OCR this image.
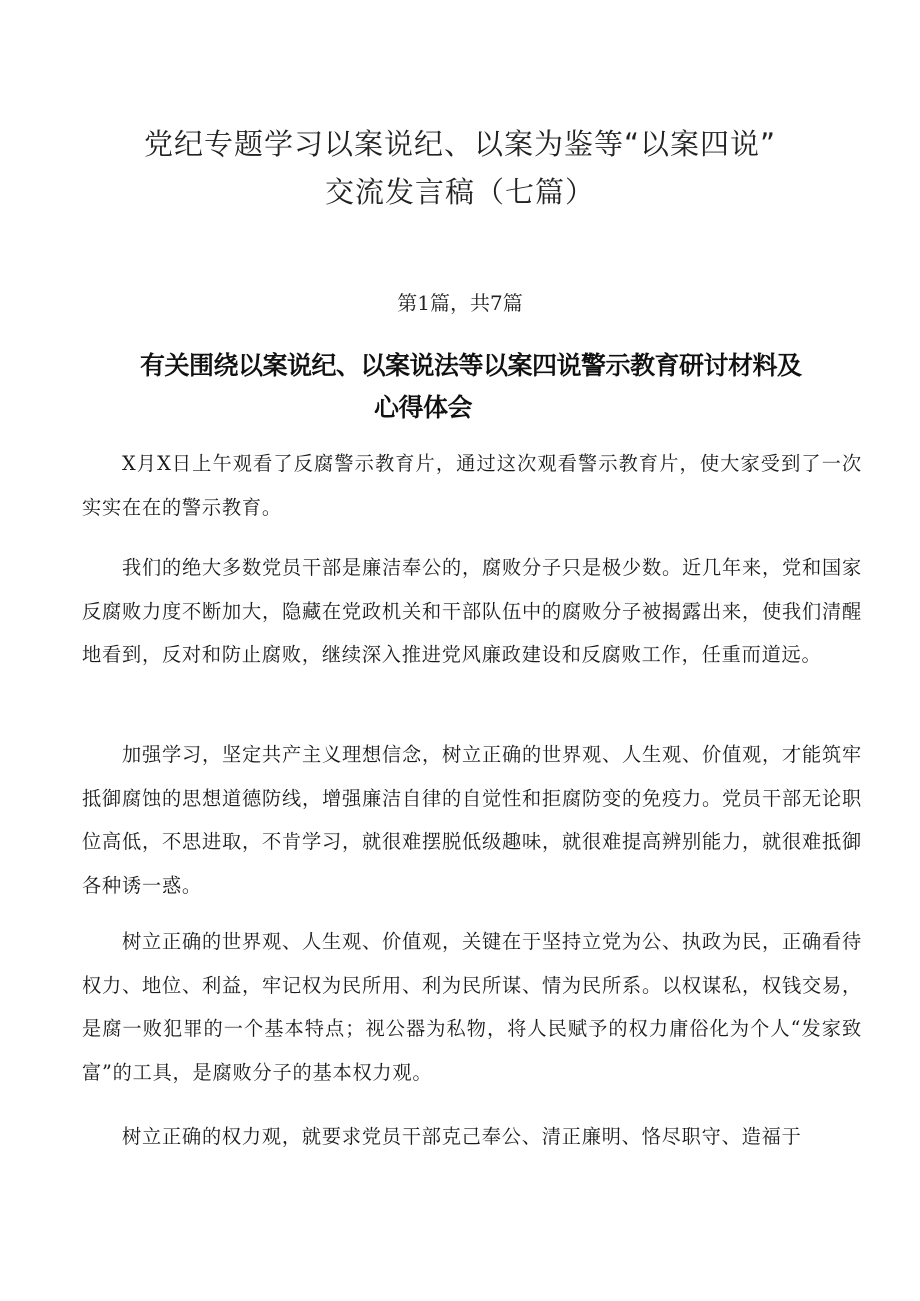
党纪专题学习以案说纪、以案为鉴等“以案四说”
交流发言稿（七篇）

第1篇，共7篇

有关围绕以案说纪、以案说法等以案四说警示教育研讨材料及
心得体会

X月X日上午观看了反腐警示教育片，通过这次观看警示教育片，使大家受到了一次实实在在的警示教育。

我们的绝大多数党员干部是廉洁奉公的，腐败分子只是极少数。近几年来，党和国家反腐败力度不断加大，隐藏在党政机关和干部队伍中的腐败分子被揭露出来，使我们清醒地看到，反对和防止腐败，继续深入推进党风廉政建设和反腐败工作，任重而道远。

加强学习，坚定共产主义理想信念，树立正确的世界观、人生观、价值观，才能筑牢抵御腐蚀的思想道德防线，增强廉洁自律的自觉性和拒腐防变的免疫力。党员干部无论职位高低，不思进取，不肯学习，就很难摆脱低级趣味，就很难提高辨别能力，就很难抵御各种诱一惑。

树立正确的世界观、人生观、价值观，关键在于坚持立党为公、执政为民，正确看待权力、地位、利益，牢记权为民所用、利为民所谋、情为民所系。以权谋私，权钱交易，是腐一败犯罪的一个基本特点；视公器为私物，将人民赋予的权力庸俗化为个人“发家致富”的工具，是腐败分子的基本权力观。

树立正确的权力观，就要求党员干部克己奉公、清正廉明、恪尽职守、造福于
